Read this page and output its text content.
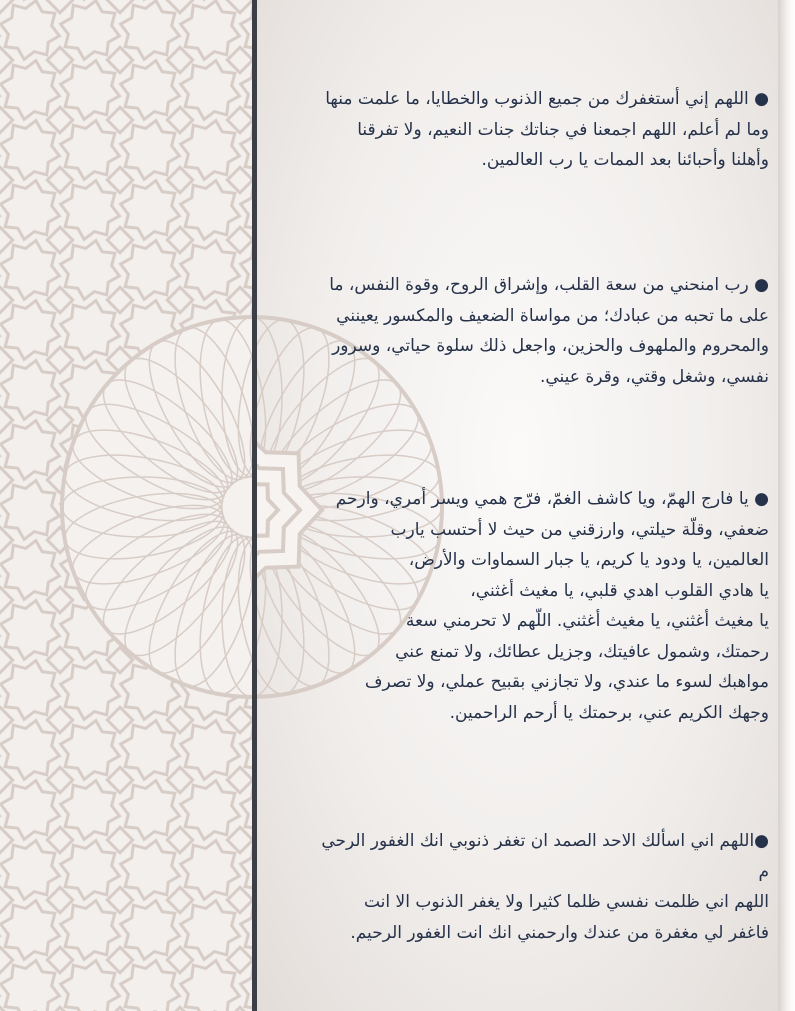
● اللهم إني أستغفرك من جميع الذنوب والخطايا، ما علمت منها
وما لم أعلم، اللهم اجمعنا في جناتك جنات النعيم، ولا تفرقنا
وأهلنا وأحبائنا بعد الممات يا رب العالمين.
● رب امنحني من سعة القلب، وإشراق الروح، وقوة النفس، ما
على ما تحبه من عبادك؛ من مواساة الضعيف والمكسور يعينني
والمحروم والملهوف والحزين، واجعل ذلك سلوة حياتي، وسرور
نفسي، وشغل وقتي، وقرة عيني.
● يا فارج الهمّ، ويا كاشف الغمّ، فرّج همي ويسر أمري، وارحم
ضعفي، وقلّة حيلتي، وارزقني من حيث لا أحتسب يارب
العالمين، يا ودود يا كريم، يا جبار السماوات والأرض،
يا هادي القلوب اهدي قلبي، يا مغيث أغثني،
يا مغيث أغثني، يا مغيث أغثني. اللّهم لا تحرمني سعة
رحمتك، وشمول عافيتك، وجزيل عطائك، ولا تمنع عني
مواهبك لسوء ما عندي، ولا تجازني بقبيح عملي، ولا تصرف
وجهك الكريم عني، برحمتك يا أرحم الراحمين.
●اللهم اني اسألك الاحد الصمد ان تغفر ذنوبي انك الغفور الرحي
م
اللهم اني ظلمت نفسي ظلما كثيرا ولا يغفر الذنوب الا انت
فاغفر لي مغفرة من عندك وارحمني انك انت الغفور الرحيم.
